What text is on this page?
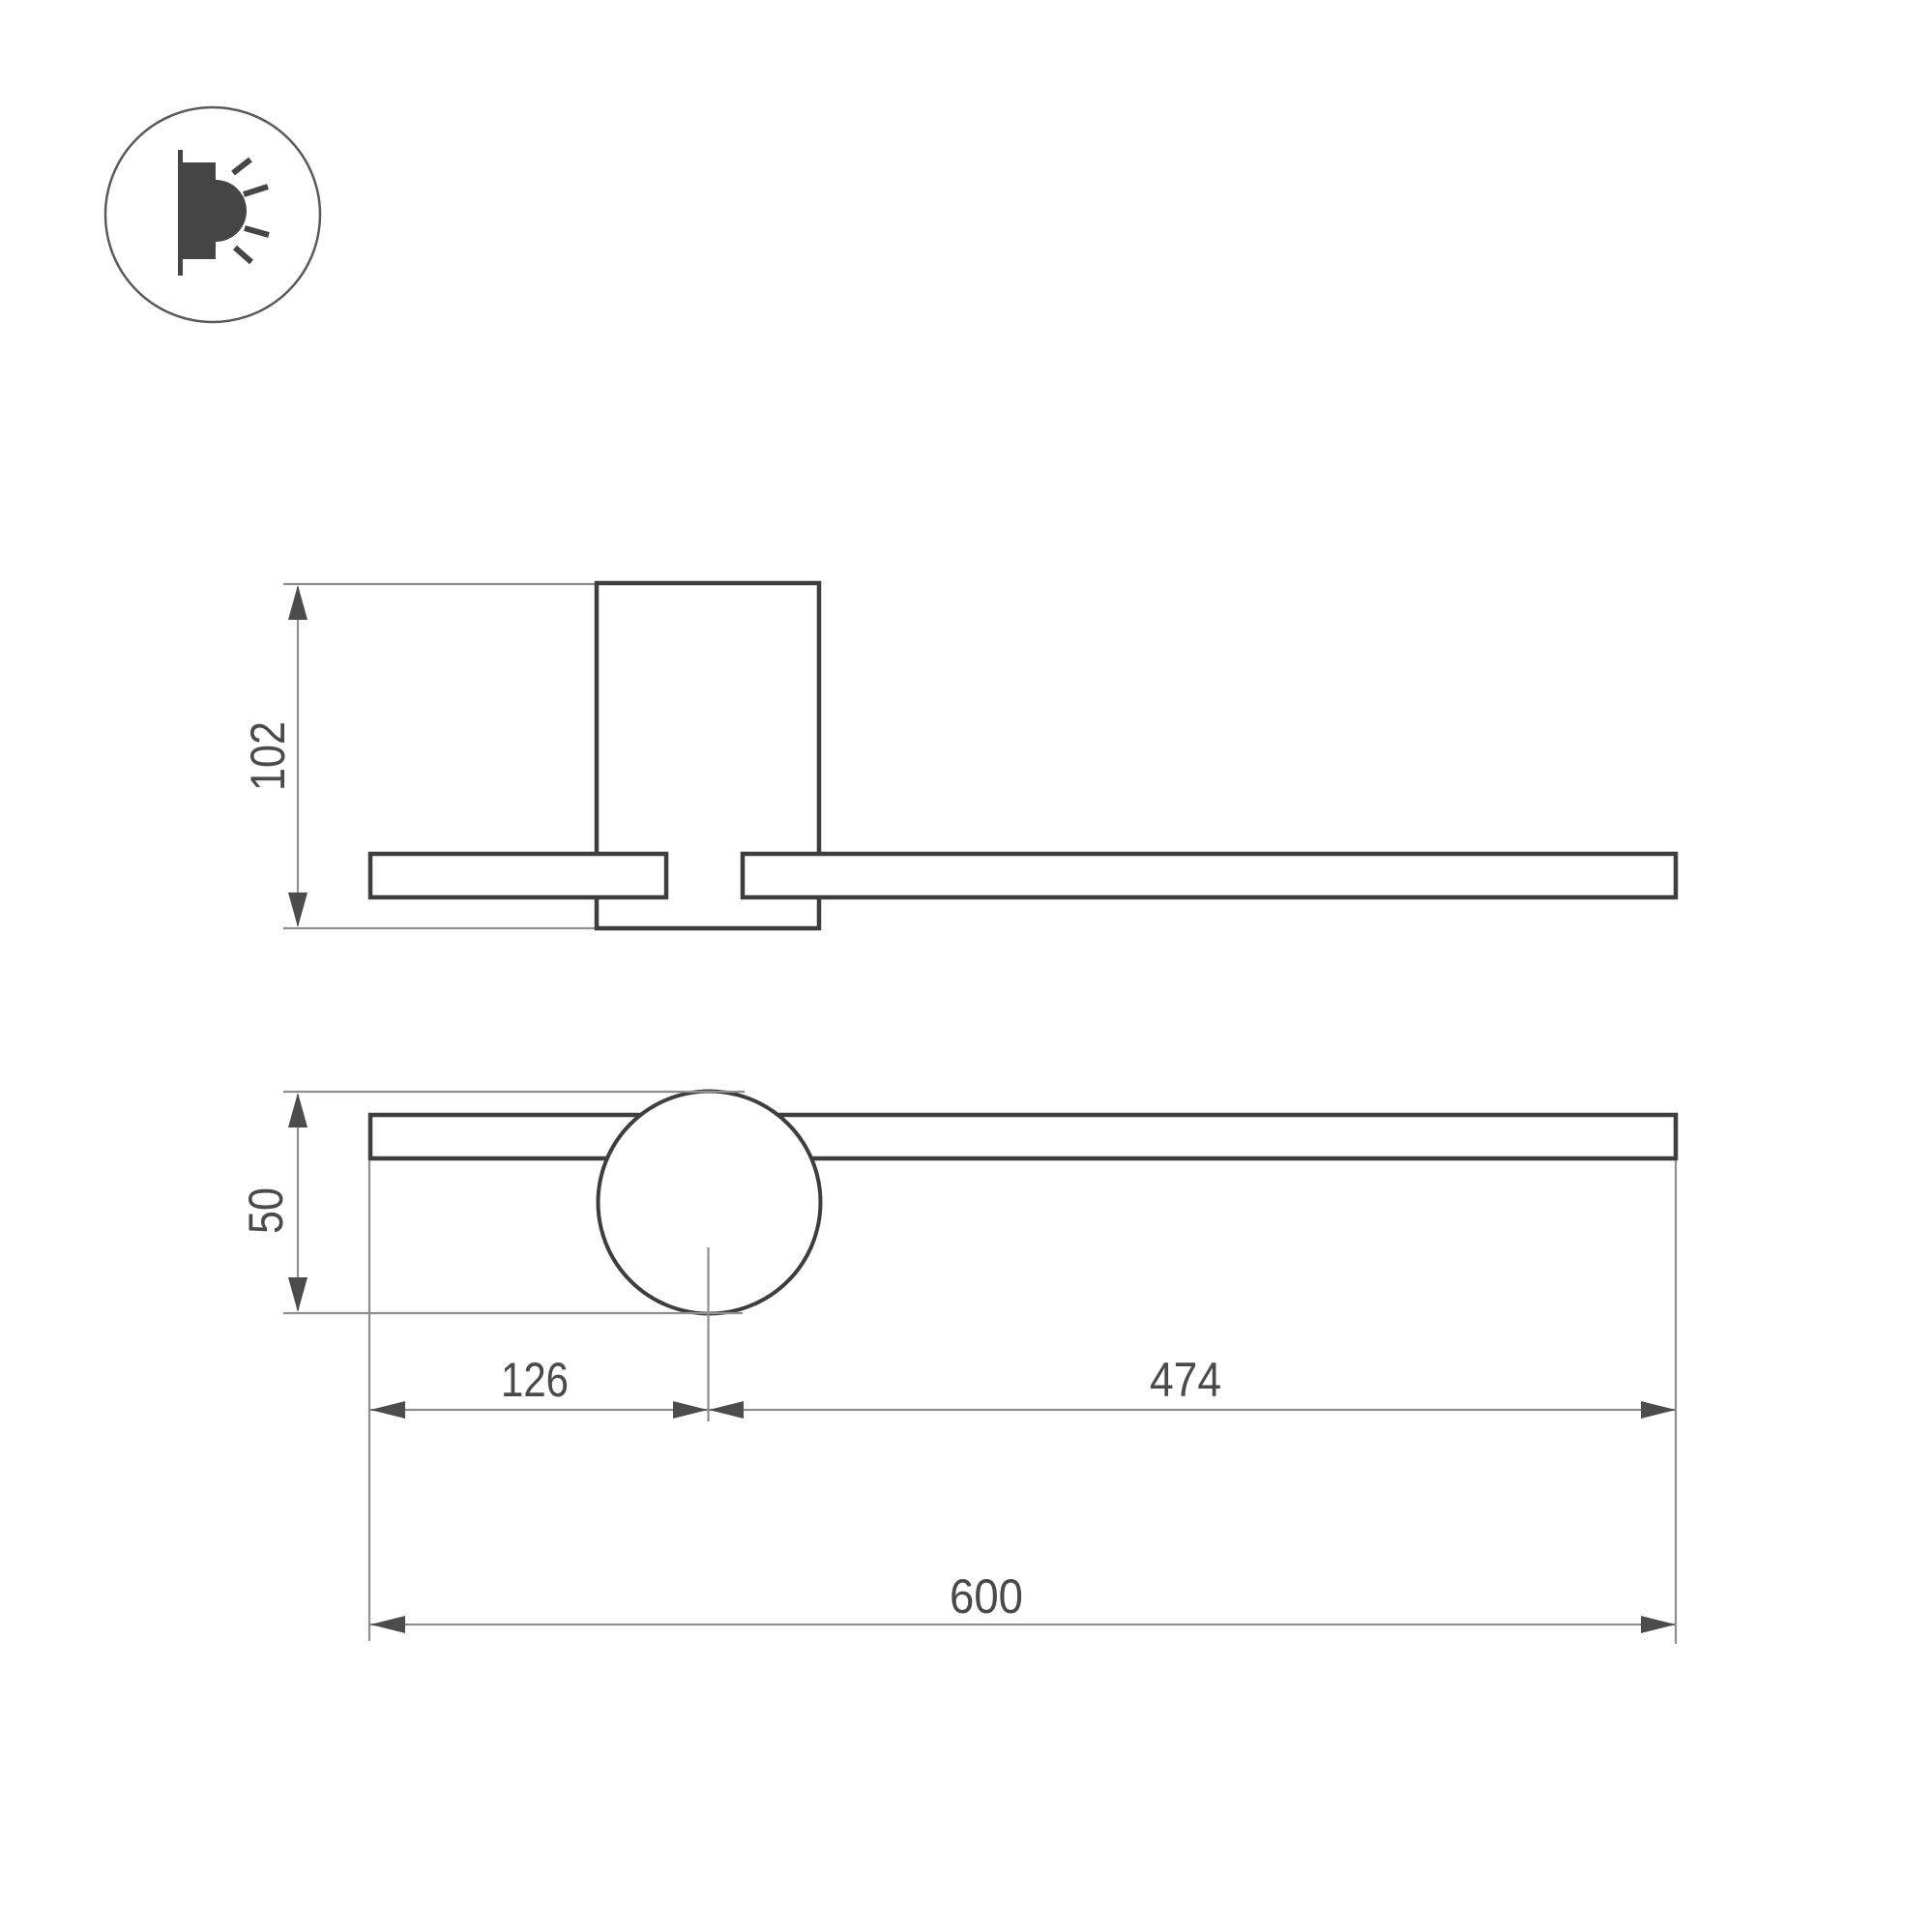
102
50
126	474
600
